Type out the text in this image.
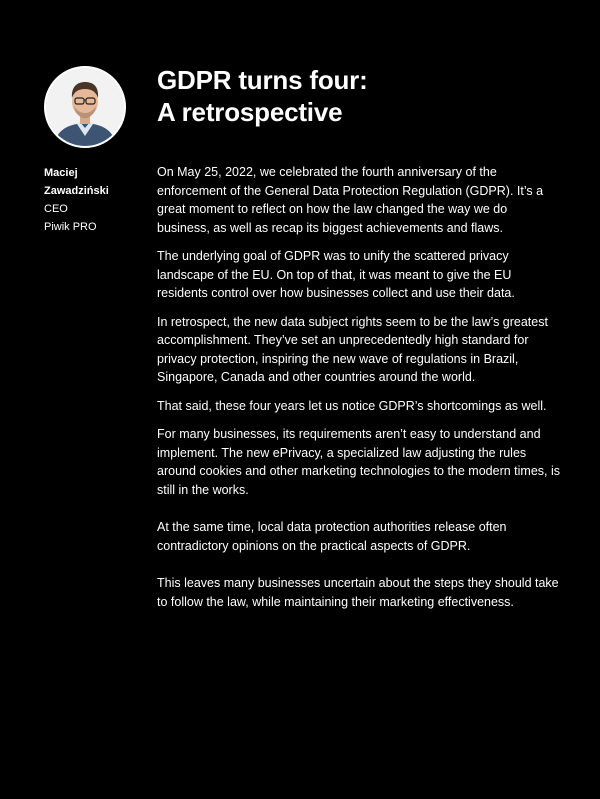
GDPR turns four:
A retrospective
Maciej
Zawadziński
CEO
Piwik PRO

On May 25, 2022, we celebrated the fourth anniversary of the enforcement of the General Data Protection Regulation (GDPR). It’s a great moment to reflect on how the law changed the way we do business, as well as recap its biggest achievements and flaws.

The underlying goal of GDPR was to unify the scattered privacy landscape of the EU. On top of that, it was meant to give the EU residents control over how businesses collect and use their data.

In retrospect, the new data subject rights seem to be the law’s greatest accomplishment. They’ve set an unprecedentedly high standard for privacy protection, inspiring the new wave of regulations in Brazil, Singapore, Canada and other countries around the world.

That said, these four years let us notice GDPR’s shortcomings as well.

For many businesses, its requirements aren’t easy to understand and implement. The new ePrivacy, a specialized law adjusting the rules around cookies and other marketing technologies to the modern times, is still in the works.

At the same time, local data protection authorities release often contradictory opinions on the practical aspects of GDPR.

This leaves many businesses uncertain about the steps they should take to follow the law, while maintaining their marketing effectiveness.
